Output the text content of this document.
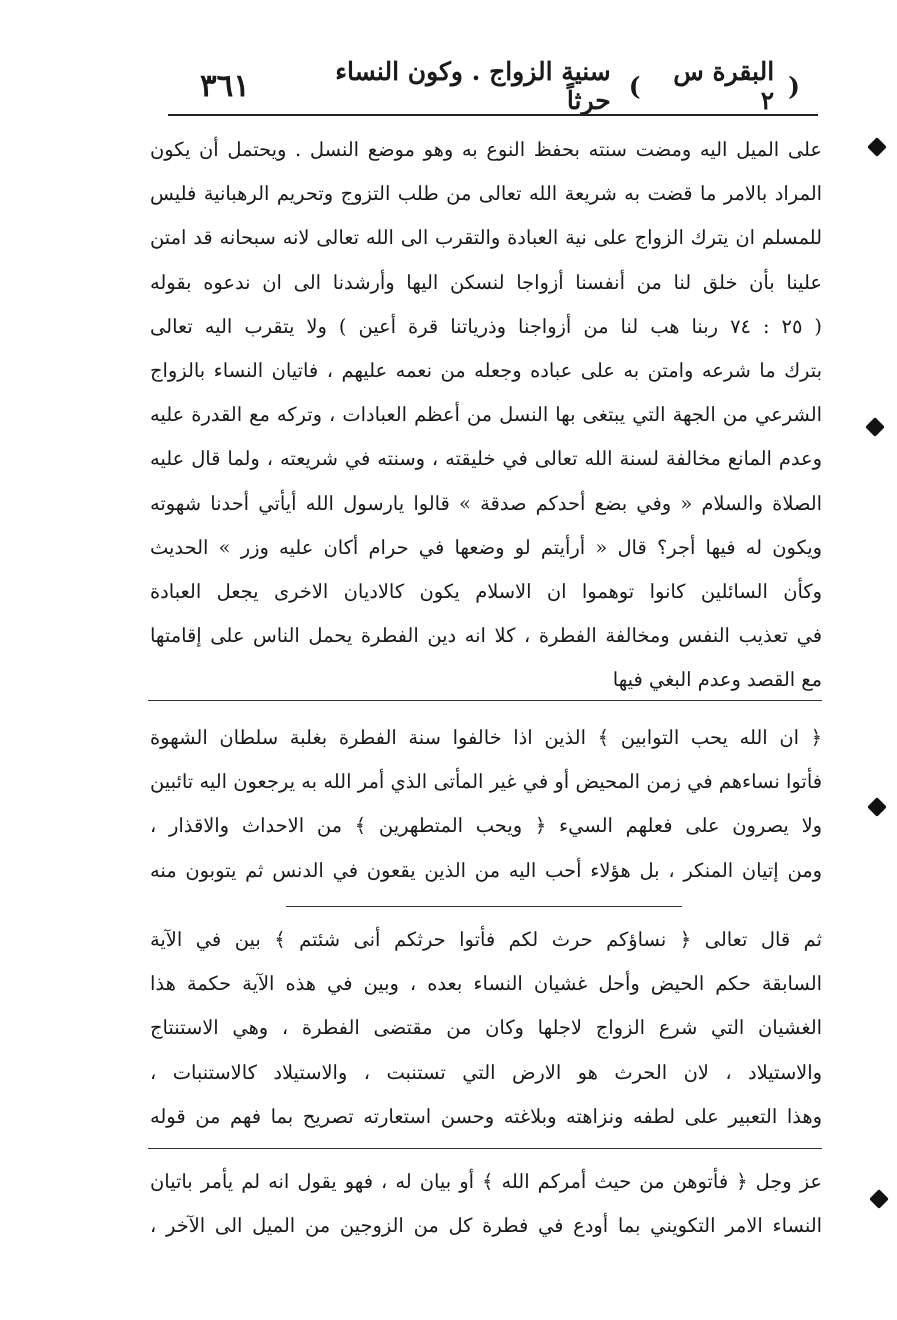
(
البقرة س ٢
)
سنية الزواج . وكون النساء حرثاً
٣٦١
على الميل اليه ومضت سنته بحفظ النوع به وهو موضع النسل . ويحتمل أن يكون
المراد بالامر ما قضت به شريعة الله تعالى من طلب التزوج وتحريم الرهبانية فليس
للمسلم ان يترك الزواج على نية العبادة والتقرب الى الله تعالى لانه سبحانه قد امتن
علينا بأن خلق لنا من أنفسنا أزواجا لنسكن اليها وأرشدنا الى ان ندعوه بقوله
( ٢٥ : ٧٤ ربنا هب لنا من أزواجنا وذرياتنا قرة أعين ) ولا يتقرب اليه تعالى
بترك ما شرعه وامتن به على عباده وجعله من نعمه عليهم ، فاتيان النساء بالزواج
الشرعي من الجهة التي يبتغى بها النسل من أعظم العبادات ، وتركه مع القدرة عليه
وعدم المانع مخالفة لسنة الله تعالى في خليقته ، وسنته في شريعته ، ولما قال عليه
الصلاة والسلام « وفي بضع أحدكم صدقة » قالوا يارسول الله أيأتي أحدنا شهوته
ويكون له فيها أجر؟ قال « أرأيتم لو وضعها في حرام أكان عليه وزر » الحديث
وكأن السائلين كانوا توهموا ان الاسلام يكون كالاديان الاخرى يجعل العبادة
في تعذيب النفس ومخالفة الفطرة ، كلا انه دين الفطرة يحمل الناس على إقامتها
مع القصد وعدم البغي فيها
﴿ ان الله يحب التوابين ﴾ الذين اذا خالفوا سنة الفطرة بغلبة سلطان الشهوة
فأتوا نساءهم في زمن المحيض أو في غير المأتى الذي أمر الله به يرجعون اليه تائبين
ولا يصرون على فعلهم السيء ﴿ ويحب المتطهرين ﴾ من الاحداث والاقذار ،
ومن إتيان المنكر ، بل هؤلاء أحب اليه من الذين يقعون في الدنس ثم يتوبون منه
ثم قال تعالى ﴿ نساؤكم حرث لكم فأتوا حرثكم أنى شئتم ﴾ بين في الآية
السابقة حكم الحيض وأحل غشيان النساء بعده ، وبين في هذه الآية حكمة هذا
الغشيان التي شرع الزواج لاجلها وكان من مقتضى الفطرة ، وهي الاستنتاج
والاستيلاد ، لان الحرث هو الارض التي تستنبت ، والاستيلاد كالاستنبات ،
وهذا التعبير على لطفه ونزاهته وبلاغته وحسن استعارته تصريح بما فهم من قوله
عز وجل ﴿ فأتوهن من حيث أمركم الله ﴾ أو بيان له ، فهو يقول انه لم يأمر باتيان
النساء الامر التكويني بما أودع في فطرة كل من الزوجين من الميل الى الآخر ،
